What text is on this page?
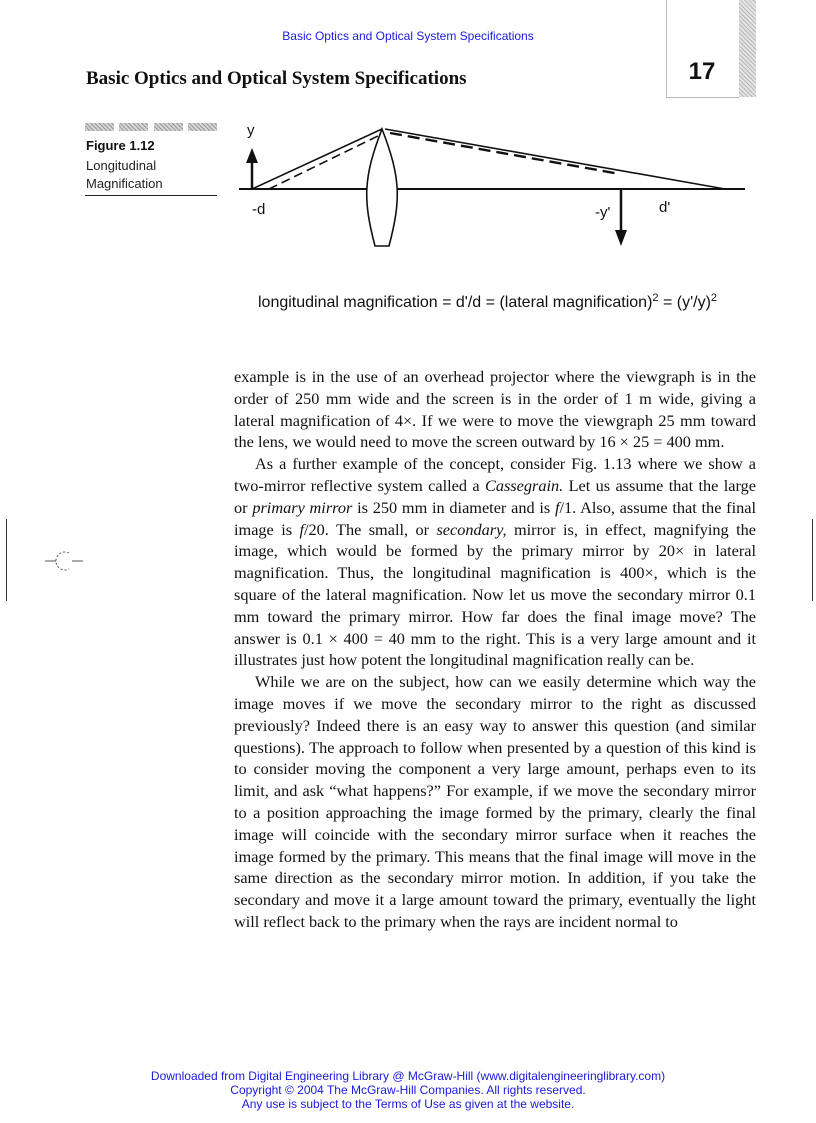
Basic Optics and Optical System Specifications
Basic Optics and Optical System Specifications	17
Figure 1.12
Longitudinal
Magnification
y
-d	-y'	d'
longitudinal magnification = d'/d = (lateral magnification)$^2$ = $(y'/y)^2$

example is in the use of an overhead projector where the viewgraph is in the order of 250 mm wide and the screen is in the order of 1 m wide, giving a lateral magnification of 4×. If we were to move the viewgraph 25 mm toward the lens, we would need to move the screen outward by 16 × 25 = 400 mm.

As a further example of the concept, consider Fig. 1.13 where we show a two-mirror reflective system called a Cassegrain. Let us assume that the large or primary mirror is 250 mm in diameter and is f/1. Also, assume that the final image is f/20. The small, or secondary, mirror is, in effect, magnifying the image, which would be formed by the primary mirror by 20× in lateral magnification. Thus, the longitudinal magnification is 400×, which is the square of the lateral magnification. Now let us move the secondary mirror 0.1 mm toward the primary mirror. How far does the final image move? The answer is 0.1 × 400 = 40 mm to the right. This is a very large amount and it illustrates just how potent the longitudinal magnification really can be.

While we are on the subject, how can we easily determine which way the image moves if we move the secondary mirror to the right as discussed previously? Indeed there is an easy way to answer this question (and similar questions). The approach to follow when presented by a question of this kind is to consider moving the component a very large amount, perhaps even to its limit, and ask “what happens?” For example, if we move the secondary mirror to a position approaching the image formed by the primary, clearly the final image will coincide with the secondary mirror surface when it reaches the image formed by the primary. This means that the final image will move in the same direction as the secondary mirror motion. In addition, if you take the secondary and move it a large amount toward the primary, eventually the light will reflect back to the primary when the rays are incident normal to

Downloaded from Digital Engineering Library @ McGraw-Hill (www.digitalengineeringlibrary.com)
Copyright © 2004 The McGraw-Hill Companies. All rights reserved.
Any use is subject to the Terms of Use as given at the website.
